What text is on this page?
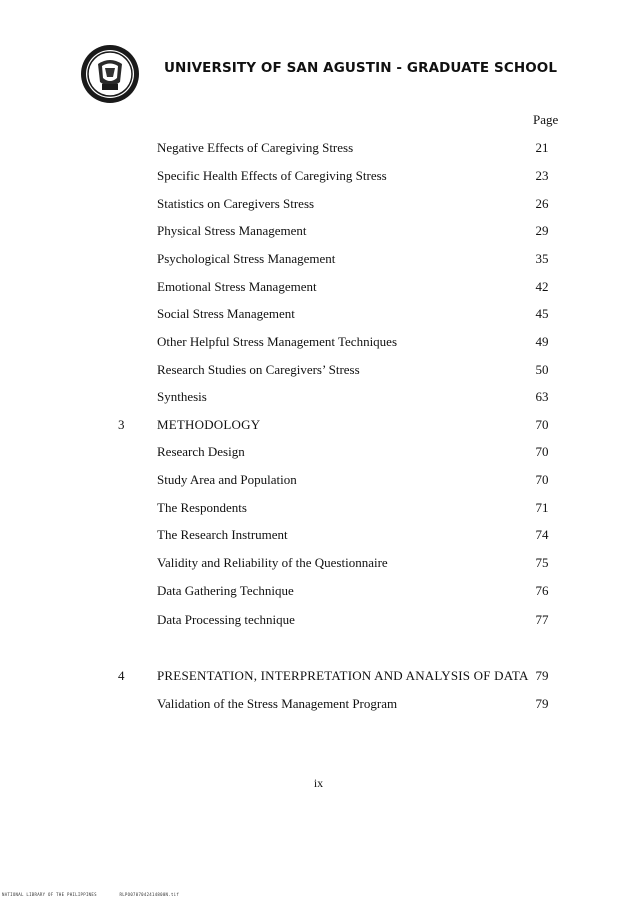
UNIVERSITY OF SAN AGUSTIN - GRADUATE SCHOOL
Page
Negative Effects of Caregiving Stress	21
Specific Health Effects of Caregiving Stress	23
Statistics on Caregivers Stress	26
Physical Stress Management	29
Psychological Stress Management	35
Emotional Stress Management	42
Social Stress Management	45
Other Helpful Stress Management Techniques	49
Research Studies on Caregivers’ Stress	50
Synthesis	63
3	METHODOLOGY	70
Research Design	70
Study Area and Population	70
The Respondents	71
The Research Instrument	74
Validity and Reliability of the Questionnaire	75
Data Gathering Technique	76
Data Processing technique	77
4	PRESENTATION, INTERPRETATION AND ANALYSIS OF DATA 79
Validation of the Stress Management Program	79
ix
NATIONAL LIBRARY OF THE PHILIPPINES	RLPO0707042414800N.tif
